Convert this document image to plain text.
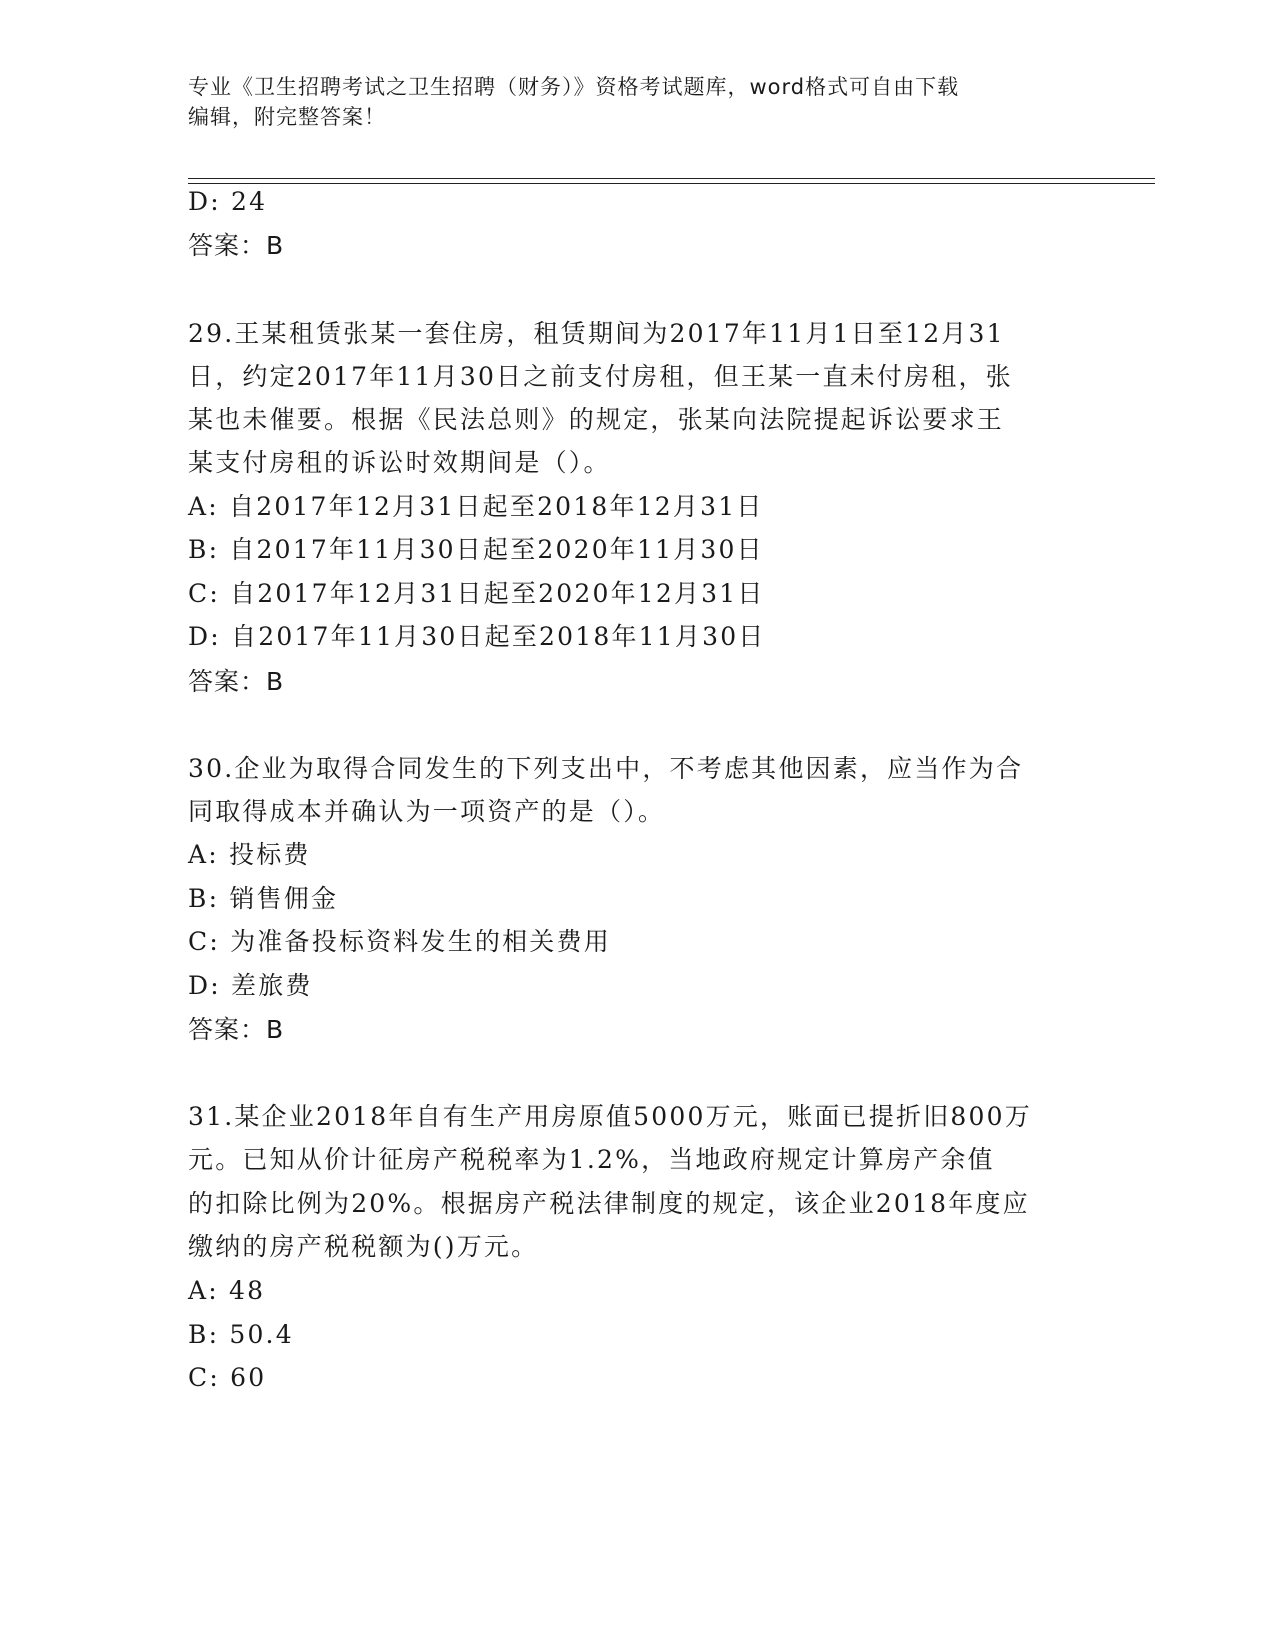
专业《卫生招聘考试之卫生招聘（财务）》资格考试题库，word格式可自由下载
编辑，附完整答案！
D: 24
答案：B
29.王某租赁张某一套住房，租赁期间为2017年11月1日至12月31
日，约定2017年11月30日之前支付房租，但王某一直未付房租，张
某也未催要。根据《民法总则》的规定，张某向法院提起诉讼要求王
某支付房租的诉讼时效期间是（）。
A: 自2017年12月31日起至2018年12月31日
B: 自2017年11月30日起至2020年11月30日
C: 自2017年12月31日起至2020年12月31日
D: 自2017年11月30日起至2018年11月30日
答案：B
30.企业为取得合同发生的下列支出中，不考虑其他因素，应当作为合
同取得成本并确认为一项资产的是（）。
A: 投标费
B: 销售佣金
C: 为准备投标资料发生的相关费用
D: 差旅费
答案：B
31.某企业2018年自有生产用房原值5000万元，账面已提折旧800万
元。已知从价计征房产税税率为1.2%，当地政府规定计算房产余值
的扣除比例为20%。根据房产税法律制度的规定，该企业2018年度应
缴纳的房产税税额为()万元。
A: 48
B: 50.4
C: 60
